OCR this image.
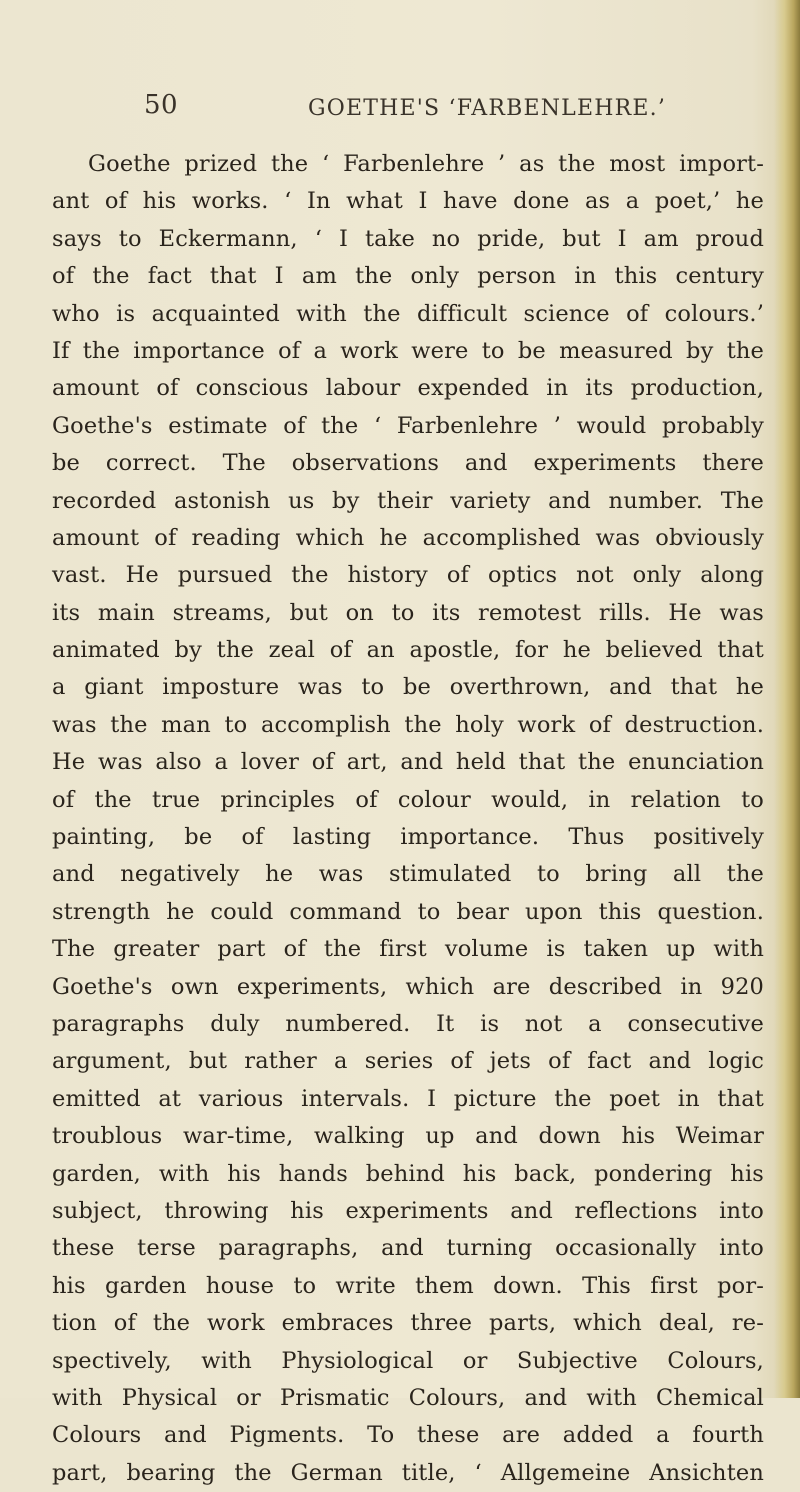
50	GOETHE'S ‘FARBENLEHRE.’
Goethe prized the ‘ Farbenlehre ’ as the most import-
ant of his works. ‘ In what I have done as a poet,’ he
says to Eckermann, ‘ I take no pride, but I am proud
of the fact that I am the only person in this century
who is acquainted with the difficult science of colours.’
If the importance of a work were to be measured by the
amount of conscious labour expended in its production,
Goethe's estimate of the ‘ Farbenlehre ’ would probably
be correct. The observations and experiments there
recorded astonish us by their variety and number. The
amount of reading which he accomplished was obviously
vast. He pursued the history of optics not only along
its main streams, but on to its remotest rills. He was
animated by the zeal of an apostle, for he believed that
a giant imposture was to be overthrown, and that he
was the man to accomplish the holy work of destruction.
He was also a lover of art, and held that the enunciation
of the true principles of colour would, in relation to
painting, be of lasting importance. Thus positively
and negatively he was stimulated to bring all the
strength he could command to bear upon this question.
The greater part of the first volume is taken up with
Goethe's own experiments, which are described in 920
paragraphs duly numbered. It is not a consecutive
argument, but rather a series of jets of fact and logic
emitted at various intervals. I picture the poet in that
troublous war-time, walking up and down his Weimar
garden, with his hands behind his back, pondering his
subject, throwing his experiments and reflections into
these terse paragraphs, and turning occasionally into
his garden house to write them down. This first por-
tion of the work embraces three parts, which deal, re-
spectively, with Physiological or Subjective Colours,
with Physical or Prismatic Colours, and with Chemical
Colours and Pigments. To these are added a fourth
part, bearing the German title, ‘ Allgemeine Ansichten
